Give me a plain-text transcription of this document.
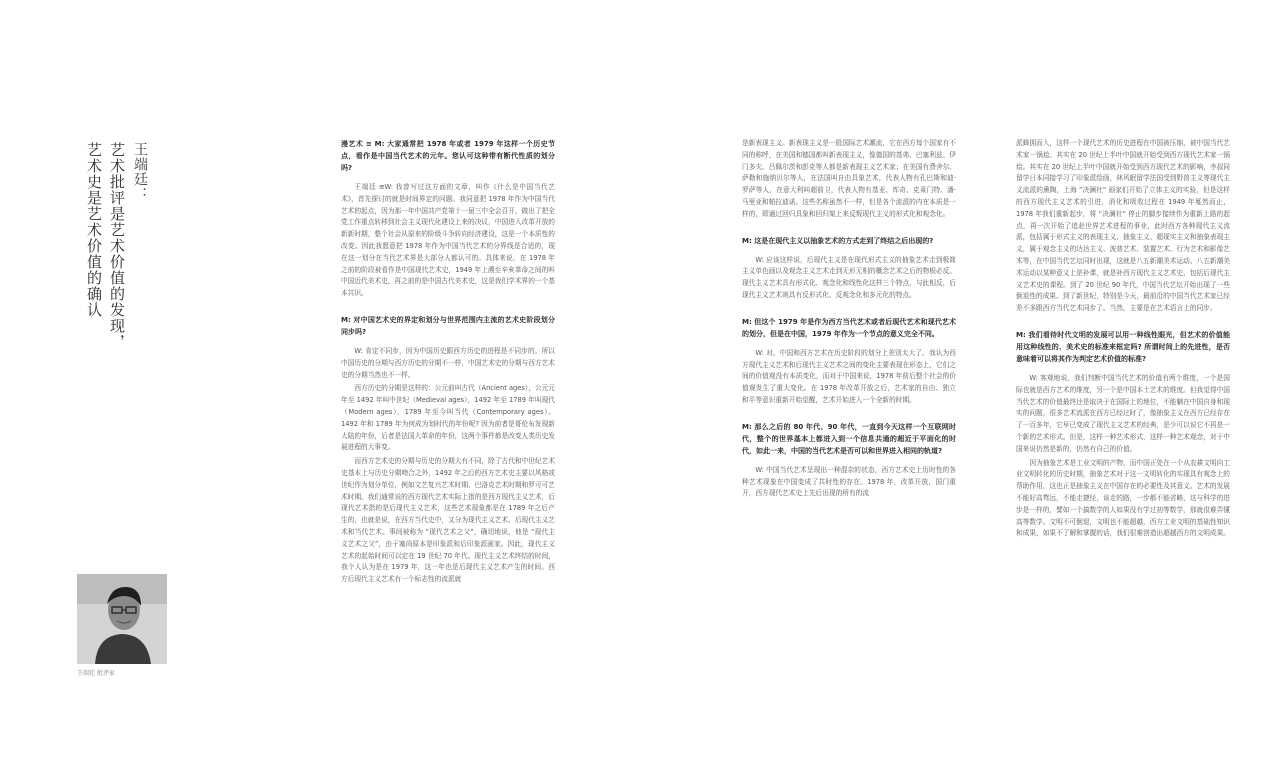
王端廷：
艺术批评是艺术价值的发现，
艺术史是艺术价值的确认
王端廷 批评家

漫艺术 ≡ M: 大家通常把 1978 年或者 1979 年这样一个历史节点，看作是中国当代艺术的元年。您认可这种带有断代性质的划分吗?

王端廷 ≡W: 我曾写过这方面的文章，叫作《什么是中国当代艺术》，首先探讨的就是时间界定的问题。我同意把 1978 年作为中国当代艺术的起点，因为那一年中国共产党第十一届三中全会召开，做出了把全党工作重点转移到社会主义现代化建设上来的决议，中国进入改革开放的新新时期，整个社会从原来的阶级斗争转向经济建设，这是一个本质性的改变。因此我愿意把 1978 年作为中国当代艺术的分界线是合适的，现在这一划分在当代艺术界是大部分人都认可的。具体来说，在 1978 年之前的阶段被看作是中国现代艺术史，1949 年上溯至辛亥革命之间的叫中国近代美术史，再之前的是中国古代美术史，这是我们学术界的一个基本共识。

M: 对中国艺术史的界定和划分与世界范围内主流的艺术史阶段划分同步吗?

W: 肯定不同步，因为中国历史跟西方历史的进程是不同步的。所以中国历史的分期与西方历史的分期不一样，中国艺术史的分期与西方艺术史的分期当然也不一样。

西方历史的分期是这样的：公元前叫古代（Ancient ages），公元元年至 1492 年叫中世纪（Medieval ages），1492 年至 1789 年叫现代（Modern ages），1789 年至今叫当代（Contemporary ages）。1492 年和 1789 年为何成为划时代的年份呢? 因为前者是哥伦布发现新大陆的年份，后者是法国大革命的年份，这两个事件都是改变人类历史发展进程的大事变。

而西方艺术史的分期与历史的分期大有不同，除了古代和中世纪艺术史基本上与历史分期吻合之外，1492 年之后的西方艺术史主要以风格或世纪作为划分单位，例如文艺复兴艺术时期、巴洛克艺术时期和罗可可艺术时期。我们通常说的西方现代艺术实际上指的是西方现代主义艺术，后现代艺术指的是后现代主义艺术，这些艺术现象都是在 1789 年之后产生的，也就是说，在西方当代史中，又分为现代主义艺术、后现代主义艺术和当代艺术。事间被称为 “现代艺术之父”，确切地说，他是 “现代主义艺术之父”，由于塞尚原本是印象派和后印象派画家。因此，现代主义艺术的起始时间可以定在 19 世纪 70 年代。现代主义艺术终结的时间，我个人认为是在 1979 年，这一年也是后现代主义艺术产生的时间。西方后现代主义艺术有一个标志性的流派就

是新表现主义。新表现主义是一股国际艺术潮流，它在西方每个国家有不同的称呼，在美国和德国都叫新表现主义，像德国的基弗、巴塞利兹、伊门多夫、吕佩尔茨和彭克等人都是新表现主义艺术家；在美国有费舍尔、萨勒和施纳贝尔等人，在法国叫自由具象艺术，代表人物有孔巴斯和迪·罗萨等人，在意大利叫超前卫，代表人物有基亚、库奇、克莱门特、潘·马里亚和帕拉迪诺。这些名称虽然不一样，但是各个流派的内在本质是一样的，即通过回归具象和回归架上来反叛现代主义的形式化和观念化。

M: 这是在现代主义以抽象艺术的方式走到了终结之后出现的?

W: 应该这样说，后现代主义是在现代形式主义的抽象艺术走到极简主义单色画以及观念主义艺术走到无形无相的概念艺术之后的物极必反。现代主义艺术具有形式化、观念化和线性化这样三个特点，与此相反，后现代主义艺术则具有反形式化、反观念化和多元化的特点。

M: 但这个 1979 年是作为西方当代艺术或者后现代艺术和现代艺术的划分，但是在中国，1979 年作为一个节点的意义完全不同。

W: 对。中国和西方艺术在历史阶段的划分上差别太大了。我认为西方现代主义艺术和后现代主义艺术之间的变化主要表现在形态上，它们之间的价值观没有本质变化，而对于中国来说，1978 年前后整个社会的价值观发生了重大变化。在 1978 年改革开放之后，艺术家的自由、独立和平等意识重新开始觉醒，艺术开始进入一个全新的时期。

M: 那么之后的 80 年代、90 年代，一直到今天这样一个互联网时代，整个的世界基本上都进入到一个信息共通的超近于平面化的时代，如此一来，中国的当代艺术是否可以和世界进入相同的轨道?

W: 中国当代艺术呈现出一种混杂的状态，西方艺术史上历时性的各种艺术现象在中国变成了共时性的存在。1978 年，改革开放，国门重开，西方现代艺术史上先后出现的所有的流

派蜂拥而入，这样一个现代艺术的历史进程在中国被压缩，被中国当代艺术家一锅烩。其实在 20 世纪上半叶中国就开始受到西方现代艺术家一锅烩。其实在 20 世纪上半叶中国就开始受到西方现代艺术的影响，李叔同留学日本同接学习了印象派绘画，林风眠留学法国受到野兽主义等现代主义流派的熏陶，上海 “决澜社” 画家们开始了立体主义的实验，但是这样的西方现代主义艺术的引进，消化和吸收过程在 1949 年戛然而止，1978 年我们重新起步，将 “决澜社” 停止的脚步接续作为重新上路的起点，再一次开始了追赶世界艺术进程的事业，此时西方各种现代主义流派，包括属于形式主义的表现主义、抽象主义、超现实主义和抽象表现主义，属于观念主义的达达主义、波普艺术、装置艺术、行为艺术和影像艺术等，在中国当代艺坛同时出现，这就是八五新潮美术运动。八五新潮美术运动以某种意义上是补课，就是补西方现代主义艺术史，包括后现代主义艺术史的课程。到了 20 世纪 90 年代，中国当代艺坛开始出现了一些倒退性的成果。到了新世纪，特别是今天，最前沿的中国当代艺术家已经差不多跟西方当代艺术同步了。当然，主要是在艺术语言上的同步。

M: 我们看待时代文明的发展可以用一种线性眼光，但艺术的价值能用这种线性的、美术史的标准来框定吗? 所谓时间上的先进性，是否意味着可以将其作为判定艺术价值的标准?

W: 客观地说，我们判断中国当代艺术的价值有两个维度，一个是国际也就是西方艺术的维度，另一个是中国本土艺术的维度。但我觉得中国当代艺术的价值最终还是取决于在国际上的地位，不能躺在中国自身和现实的问题，很多艺术流派在西方已经过时了，像抽象主义在西方已经存在了一百多年，它早已变成了现代主义艺术的经典，是少可以说它不再是一个新的艺术形式。但是，这样一种艺术形式，这样一种艺术观念，对于中国来说仍然是新的，仍然有自己的价值。

因为抽象艺术是工业文明的产物，而中国正处在一个从农耕文明向工业文明转化的历史时期，抽象艺术对于这一文明转化的实现具有观念上的帮助作用，这也正是抽象主义在中国存在的必要性及其意义。艺术的发展不能好高骛远，不能走捷径，该走的路，一步都不能省略，这与科学的进步是一样的，譬如一个搞数学的人如果没有学过初等数学，那就很难弄懂高等数学。文明不可倒退，文明也不能超越，西方工业文明的基础性知识和成果，如果不了解和掌握的话，我们很难创造出超越西方的文明成果。
